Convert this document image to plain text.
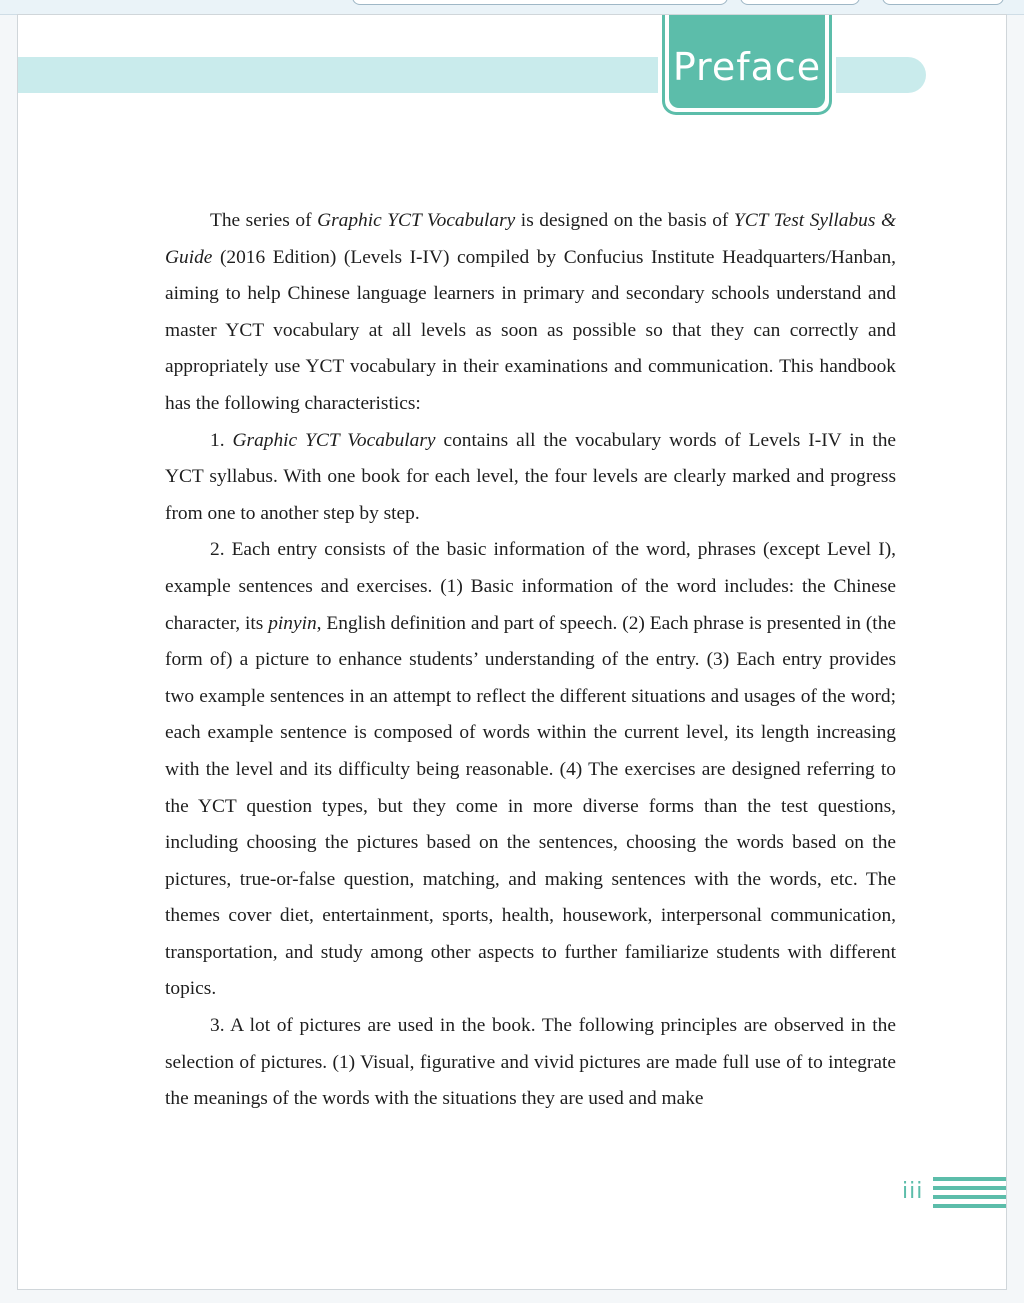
Preface

The series of Graphic YCT Vocabulary is designed on the basis of YCT Test Syllabus & Guide (2016 Edition) (Levels I-IV) compiled by Confucius Institute Headquarters/Hanban, aiming to help Chinese language learners in primary and secondary schools understand and master YCT vocabulary at all levels as soon as possible so that they can correctly and appropriately use YCT vocabulary in their examinations and communication. This handbook has the following characteristics:

1. Graphic YCT Vocabulary contains all the vocabulary words of Levels I-IV in the YCT syllabus. With one book for each level, the four levels are clearly marked and progress from one to another step by step.

2. Each entry consists of the basic information of the word, phrases (except Level I), example sentences and exercises. (1) Basic information of the word includes: the Chinese character, its pinyin, English definition and part of speech. (2) Each phrase is presented in (the form of) a picture to enhance students’ understanding of the entry. (3) Each entry provides two example sentences in an attempt to reflect the different situations and usages of the word; each example sentence is composed of words within the current level, its length increasing with the level and its difficulty being reasonable. (4) The exercises are designed referring to the YCT question types, but they come in more diverse forms than the test questions, including choosing the pictures based on the sentences, choosing the words based on the pictures, true-or-false question, matching, and making sentences with the words, etc. The themes cover diet, entertainment, sports, health, housework, interpersonal communication, transportation, and study among other aspects to further familiarize students with different topics.

3. A lot of pictures are used in the book. The following principles are observed in the selection of pictures. (1) Visual, figurative and vivid pictures are made full use of to integrate the meanings of the words with the situations they are used and make

iii
